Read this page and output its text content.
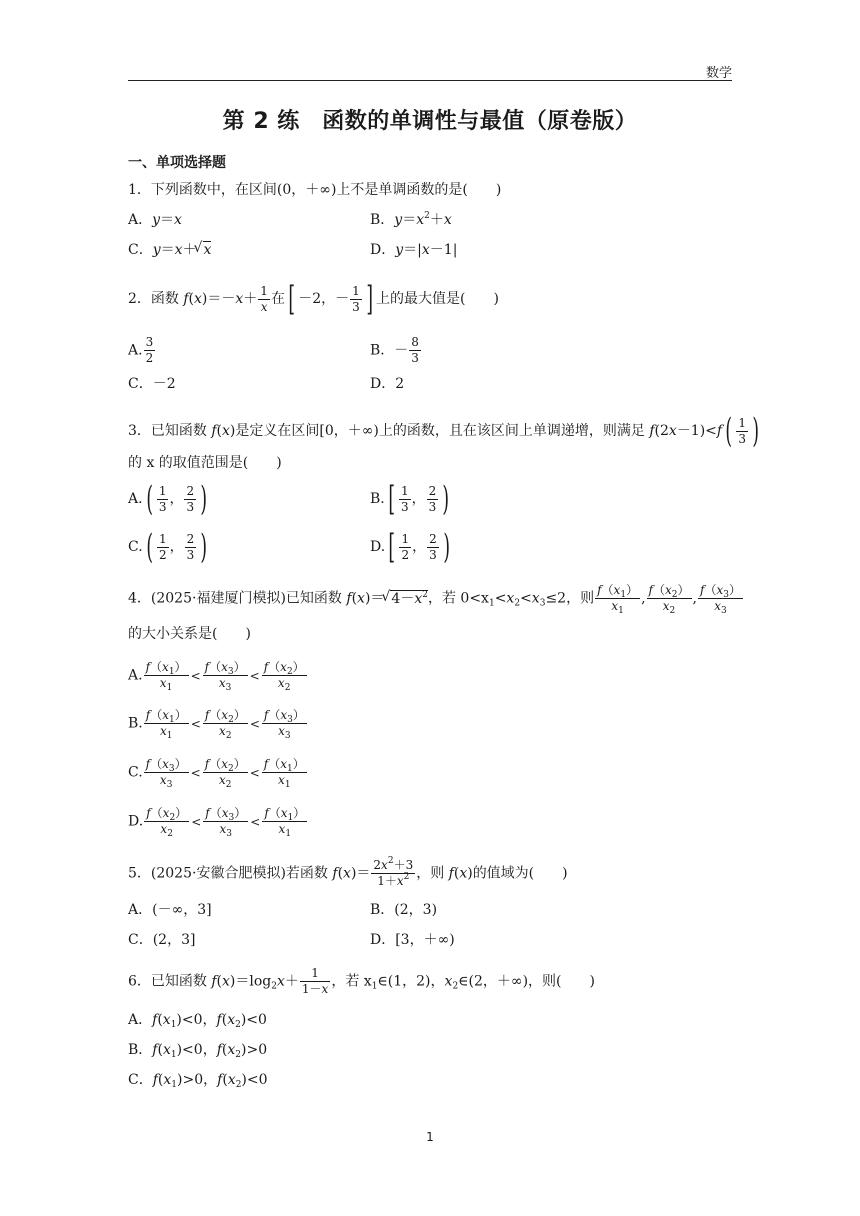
数学
第 2 练　函数的单调性与最值（原卷版）
一、单项选择题
1．下列函数中，在区间(0，＋∞)上不是单调函数的是(　　)
A．y＝x	B．$y=x^2+x$
C．y＝x＋ √ x	D．y＝|x－1|
2．函数 $f(x)=-x+ \frac{1}{x}$ 在[ －2，－ $\frac{1}{3}$ ] 上的最大值是(　　)
A. $\frac{3}{2}$	B．－ $\frac{8}{3}$
C．－2	D．2
3．已知函数 f(x)是定义在区间[0，＋∞)上的函数，且在该区间上单调递增，则满足 $f(2x-1)<f( \frac{1}{3}$ )
的 x 的取值范围是(　　)
$A.( \frac{1}{3}$ ， $\frac{2}{3}$ )	$B.[ \frac{1}{3}$ ， $\frac{2}{3}$ )
$C.( \frac{1}{2}$ ， $\frac{2}{3}$ )	$D.[ \frac{1}{2}$ ， $\frac{2}{3}$ )
4．(2025·福建厦门模拟)已知函数 f(x)＝ √ $4-x^2$，若 $0<x_1<x_2<x_3\le 2$，则 $\frac{f(x_1)}{x_1}$ , $\frac{f(x_2)}{x_2}$ , $\frac{f(x_3)}{x_3}$
的大小关系是(　　)
A. $\frac{f(x_1)}{x_1} < \frac{f(x_3)}{x_3} < \frac{f(x_2)}{x_2}$
B. $\frac{f(x_1)}{x_1} < \frac{f(x_2)}{x_2} < \frac{f(x_3)}{x_3}$
C. $\frac{f(x_3)}{x_3} < \frac{f(x_2)}{x_2} < \frac{f(x_1)}{x_1}$
D. $\frac{f(x_2)}{x_2} < \frac{f(x_3)}{x_3} < \frac{f(x_1)}{x_1}$
5．(2025·安徽合肥模拟)若函数 $f(x)= \frac{2x^2+3}{1+x^2}$ ，则 f(x)的值域为(　　)
A．(－∞，3]	B．(2，3)
C．(2，3]	D．[3，＋∞)
6．已知函数 $f(x)=\log_2x+ \frac{1}{1-x}$ ，若 $x_1\in(1$，2)，$x_2\in(2$，＋∞)，则(　　)
A．$f(x_1)<0$，$f(x_2)<0$
B．$f(x_1)<0$，$f(x_2)>0$
C．$f(x_1)>0$，$f(x_2)<0$
1
